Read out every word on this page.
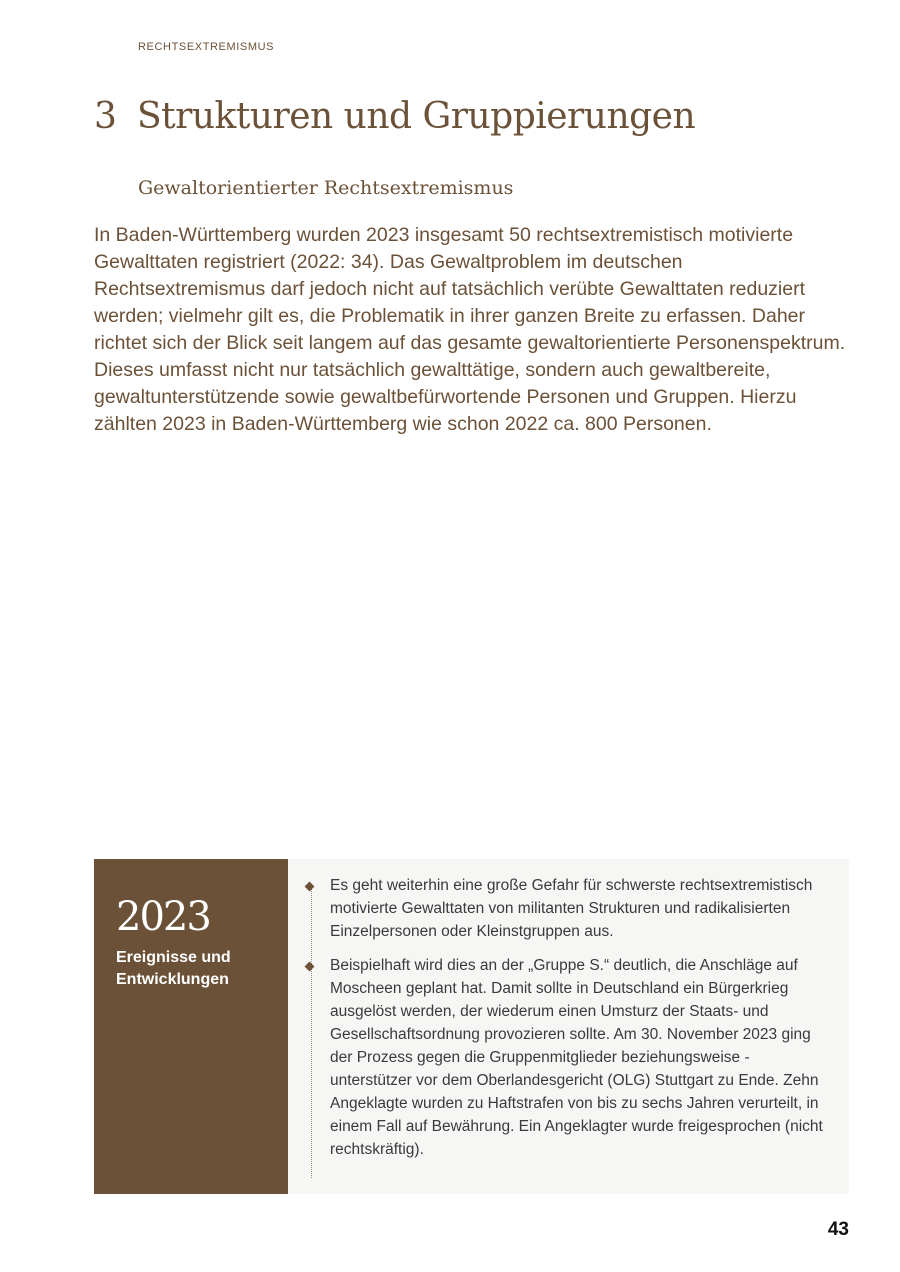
RECHTSEXTREMISMUS
3 Strukturen und Gruppierungen
Gewaltorientierter Rechtsextremismus

In Baden-Württemberg wurden 2023 insgesamt 50 rechtsextremistisch motivierte Gewalttaten registriert (2022: 34). Das Gewaltproblem im deutschen Rechtsextremismus darf jedoch nicht auf tatsächlich verübte Gewalttaten reduziert werden; vielmehr gilt es, die Problematik in ihrer ganzen Breite zu erfassen. Daher richtet sich der Blick seit langem auf das gesamte gewaltorientierte Personenspektrum. Dieses umfasst nicht nur tatsächlich gewalttätige, sondern auch gewaltbereite, gewaltunterstützende sowie gewaltbefürwortende Personen und Gruppen. Hierzu zählten 2023 in Baden-Württemberg wie schon 2022 ca. 800 Personen.

2023
Ereignisse und
Entwicklungen
Es geht weiterhin eine große Gefahr für schwerste rechtsextremistisch motivierte Gewalttaten von militanten Strukturen und radikalisierten Einzelpersonen oder Kleinstgruppen aus.
Beispielhaft wird dies an der „Gruppe S.“ deutlich, die Anschläge auf Moscheen geplant hat. Damit sollte in Deutschland ein Bürgerkrieg ausgelöst werden, der wiederum einen Umsturz der Staats- und Gesellschaftsordnung provozieren sollte. Am 30. November 2023 ging der Prozess gegen die Gruppenmitglieder beziehungsweise -unterstützer vor dem Oberlandesgericht (OLG) Stuttgart zu Ende. Zehn Angeklagte wurden zu Haftstrafen von bis zu sechs Jahren verurteilt, in einem Fall auf Bewährung. Ein Angeklagter wurde freigesprochen (nicht rechtskräftig).
43
